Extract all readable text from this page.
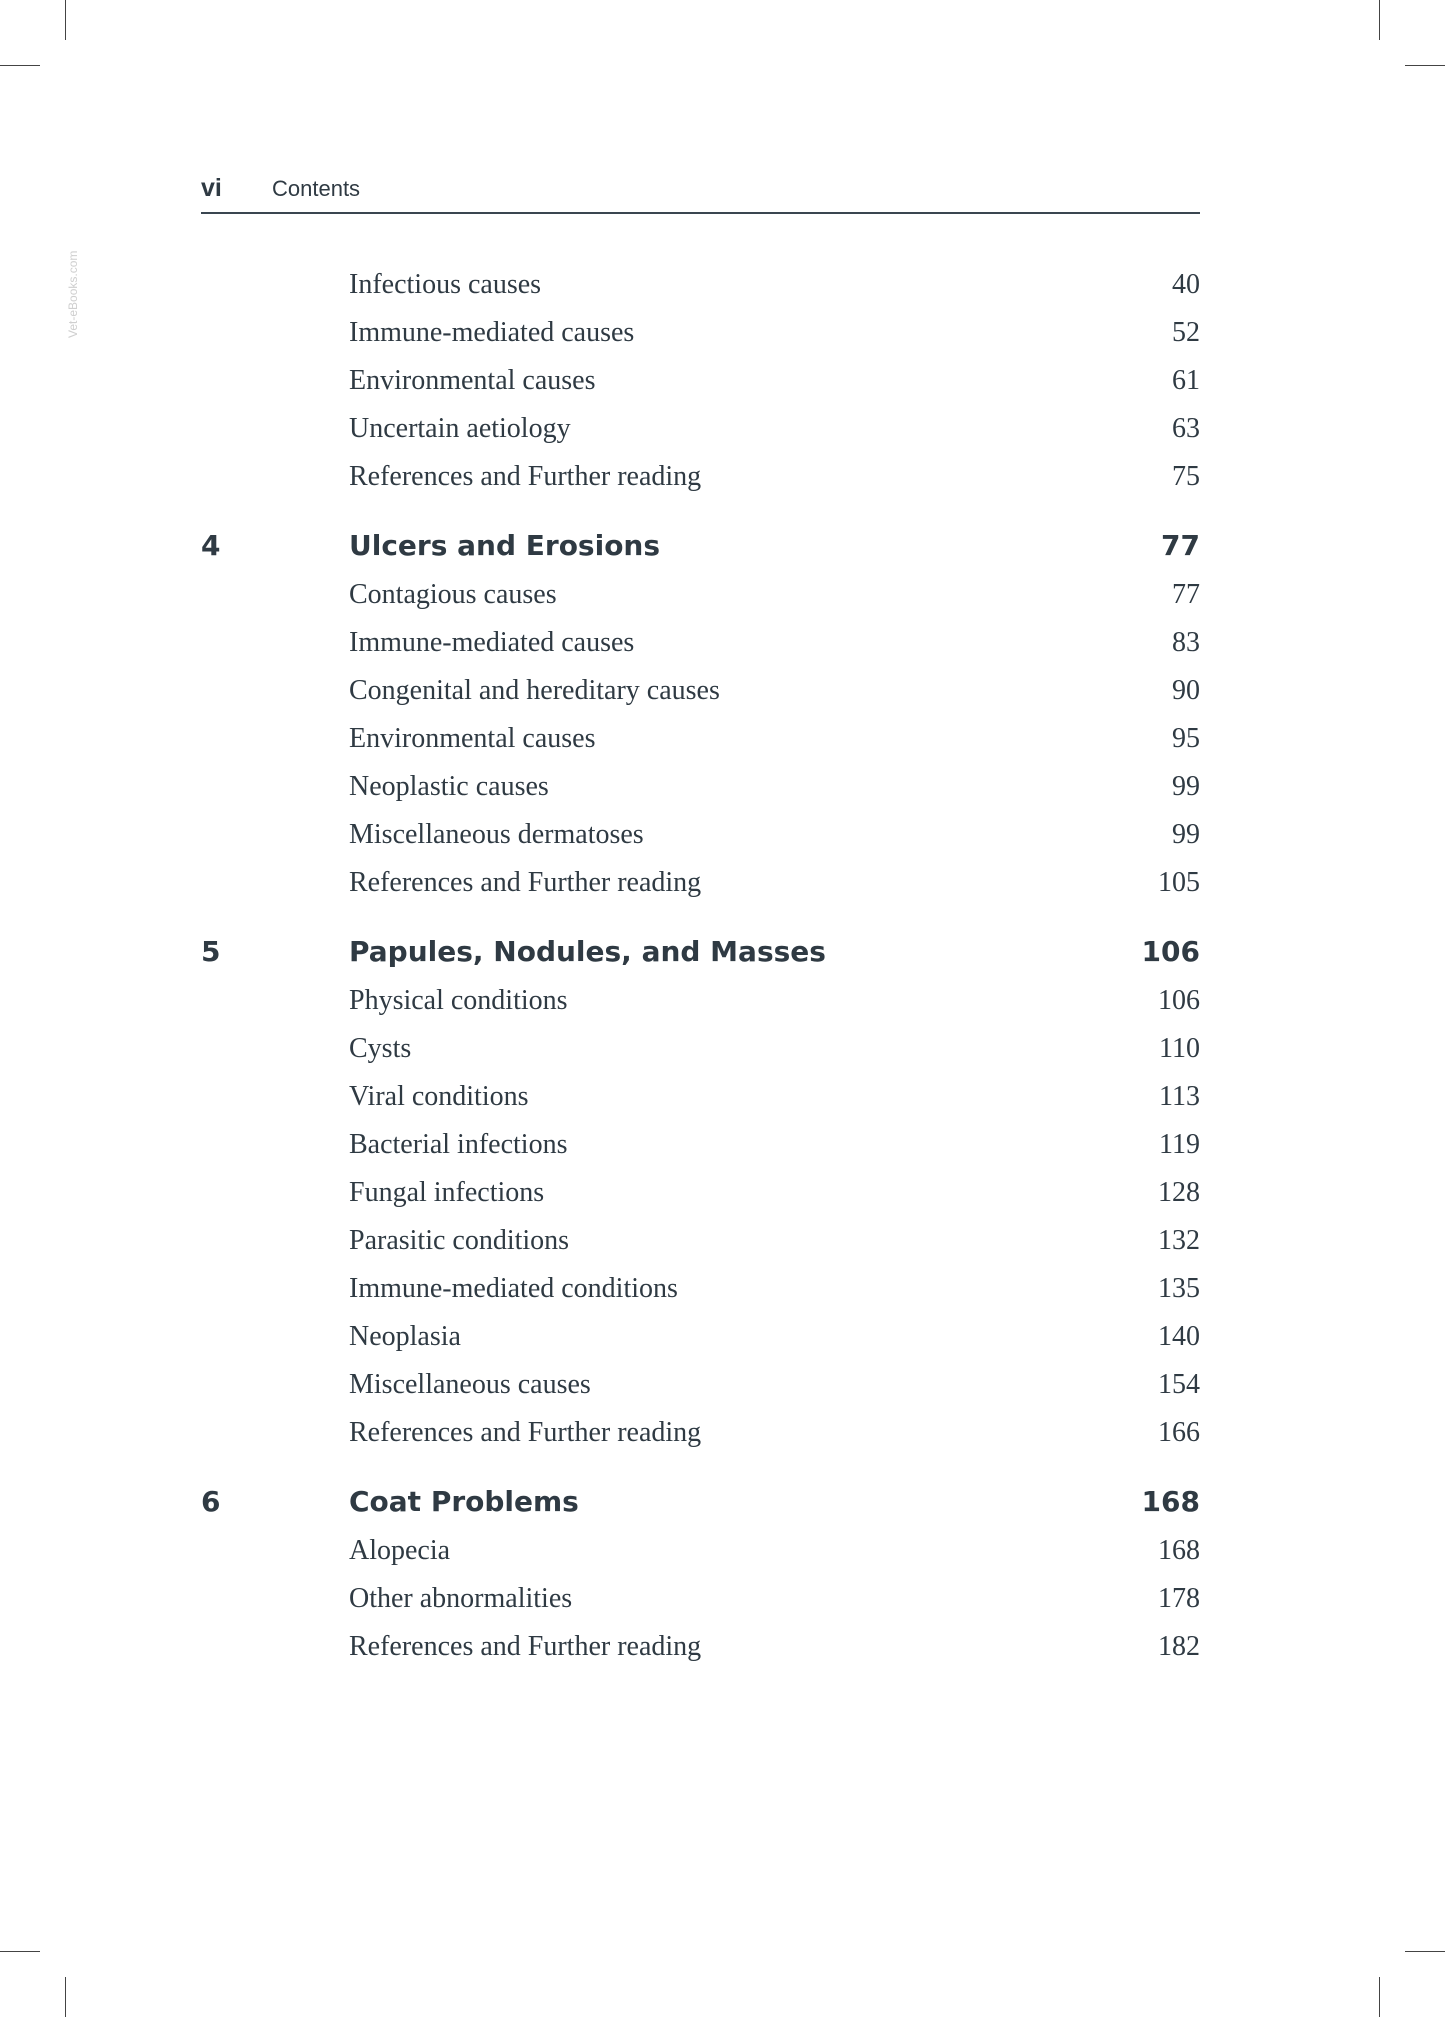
Vet-eBooks.com
vi Contents
Infectious causes	40
Immune-mediated causes	52
Environmental causes	61
Uncertain aetiology	63
References and Further reading	75
4	Ulcers and Erosions	77
Contagious causes	77
Immune-mediated causes	83
Congenital and hereditary causes	90
Environmental causes	95
Neoplastic causes	99
Miscellaneous dermatoses	99
References and Further reading	105
5	Papules, Nodules, and Masses	106
Physical conditions	106
Cysts	110
Viral conditions	113
Bacterial infections	119
Fungal infections	128
Parasitic conditions	132
Immune-mediated conditions	135
Neoplasia	140
Miscellaneous causes	154
References and Further reading	166
6	Coat Problems	168
Alopecia	168
Other abnormalities	178
References and Further reading	182
